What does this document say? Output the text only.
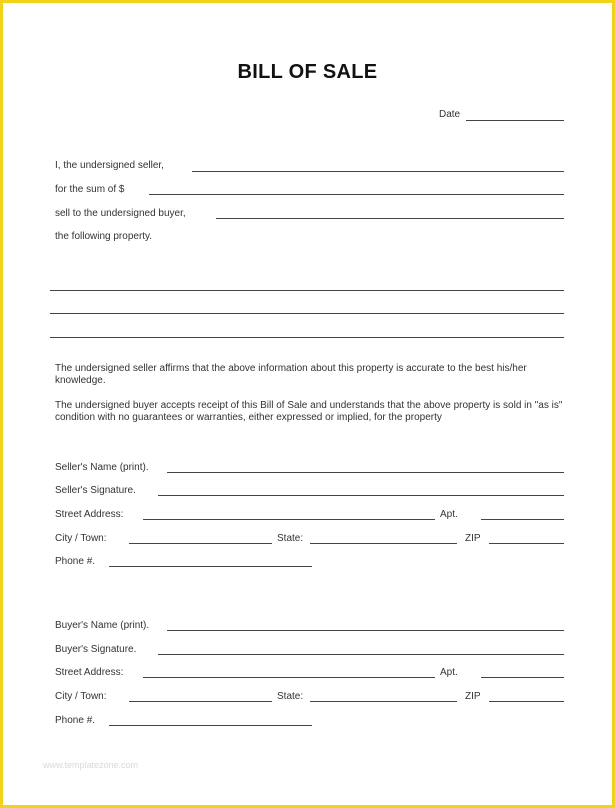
BILL OF SALE
Date
I, the undersigned seller,
for the sum of $
sell to the undersigned buyer,
the following property.
The undersigned seller affirms that the above information about this property is accurate to the best his/her knowledge.
The undersigned buyer accepts receipt of this Bill of Sale and understands that the above property is sold in "as is" condition with no guarantees or warranties, either expressed or implied, for the property
Seller's Name (print).
Seller's Signature.
Street Address:	Apt.
City / Town:	State:	ZIP
Phone #.
Buyer's Name (print).
Buyer's Signature.
Street Address:	Apt.
City / Town:	State:	ZIP
Phone #.
www.templatezone.com
